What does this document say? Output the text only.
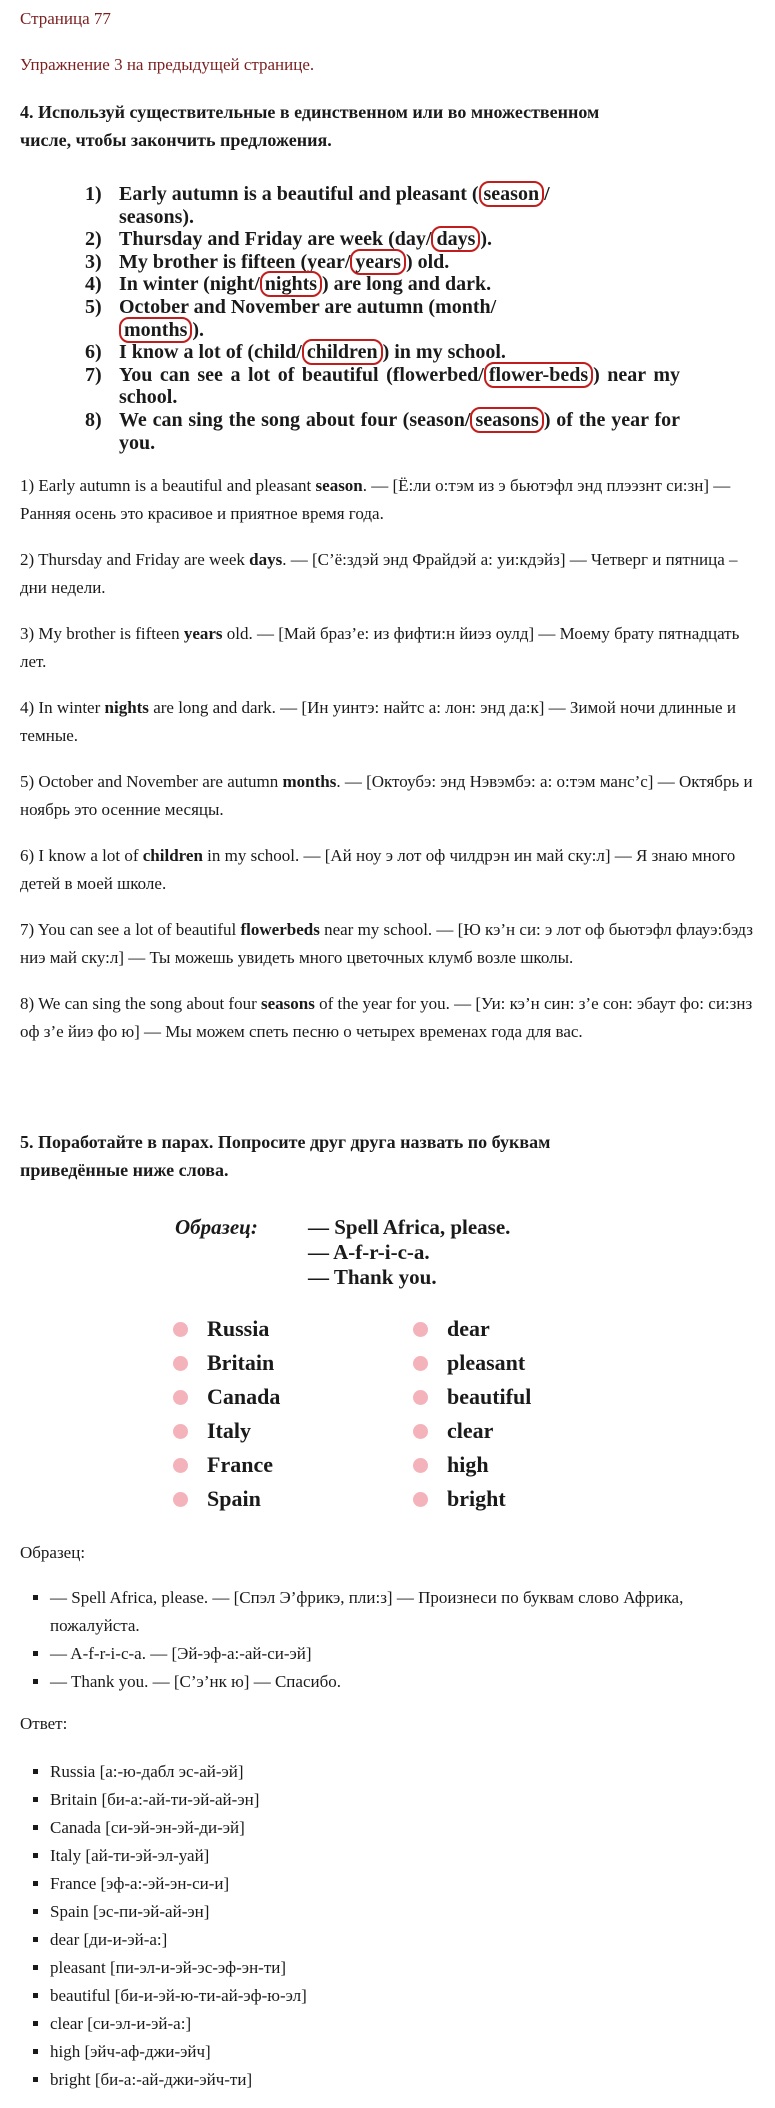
Страница 77
Упражнение 3 на предыдущей странице.
4. Используй существительные в единственном или во множественном
числе, чтобы закончить предложения.
1) Early autumn is a beautiful and pleasant ( season /
seasons).
2) Thursday and Friday are week (day/ days ).
3) My brother is fifteen (year/ years ) old.
4) In winter (night/ nights ) are long and dark.
5) October and November are autumn (month/
months ).
6) I know a lot of (child/ children ) in my school.
7) You can see a lot of beautiful (flowerbed/ flower-beds ) near my school.
8) We can sing the song about four (season/ seasons ) of the year for you.

1) Early autumn is a beautiful and pleasant season. — [Ё:ли о:тэм из э бьютэфл энд плээзнт си:зн] — Ранняя осень это красивое и приятное время года.

2) Thursday and Friday are week days. — [С’ё:здэй энд Фрайдэй а: уи:кдэйз] — Четверг и пятница – дни недели.

3) My brother is fifteen years old. — [Май браз’е: из фифти:н йиэз оулд] — Моему брату пятнадцать лет.

4) In winter nights are long and dark. — [Ин уинтэ: найтс а: лон: энд да:к] — Зимой ночи длинные и темные.

5) October and November are autumn months. — [Октоубэ: энд Нэвэмбэ: а: о:тэм манс’с] — Октябрь и ноябрь это осенние месяцы.

6) I know a lot of children in my school. — [Ай ноу э лот оф чилдрэн ин май ску:л] — Я знаю много детей в моей школе.

7) You can see a lot of beautiful flowerbeds near my school. — [Ю кэ’н си: э лот оф бьютэфл флауэ:бэдз ниэ май ску:л] — Ты можешь увидеть много цветочных клумб возле школы.

8) We can sing the song about four seasons of the year for you. — [Уи: кэ’н син: з’е сон: эбаут фо: си:знз оф з’е йиэ фо ю] — Мы можем спеть песню о четырех временах года для вас.

5. Поработайте в парах. Попросите друг друга назвать по буквам
приведённые ниже слова.
Образец: — Spell Africa, please.
— A-f-r-i-c-a.
— Thank you.
Russia
Britain
Canada
Italy
France
Spain
dear
pleasant
beautiful
clear
high
bright
Образец:
▪ — Spell Africa, please. — [Спэл Э’фрикэ, пли:з] — Произнеси по буквам слово Африка, пожалуйста.
▪ — A-f-r-i-c-a. — [Эй-эф-а:-ай-си-эй]
▪ — Thank you. — [С’э’нк ю] — Спасибо.
Ответ:
▪ Russia [а:-ю-дабл эс-ай-эй]
▪ Britain [би-а:-ай-ти-эй-ай-эн]
▪ Canada [си-эй-эн-эй-ди-эй]
▪ Italy [ай-ти-эй-эл-уай]
▪ France [эф-а:-эй-эн-си-и]
▪ Spain [эс-пи-эй-ай-эн]
▪ dear [ди-и-эй-а:]
▪ pleasant [пи-эл-и-эй-эс-эф-эн-ти]
▪ beautiful [би-и-эй-ю-ти-ай-эф-ю-эл]
▪ clear [си-эл-и-эй-а:]
▪ high [эйч-аф-джи-эйч]
▪ bright [би-а:-ай-джи-эйч-ти]
